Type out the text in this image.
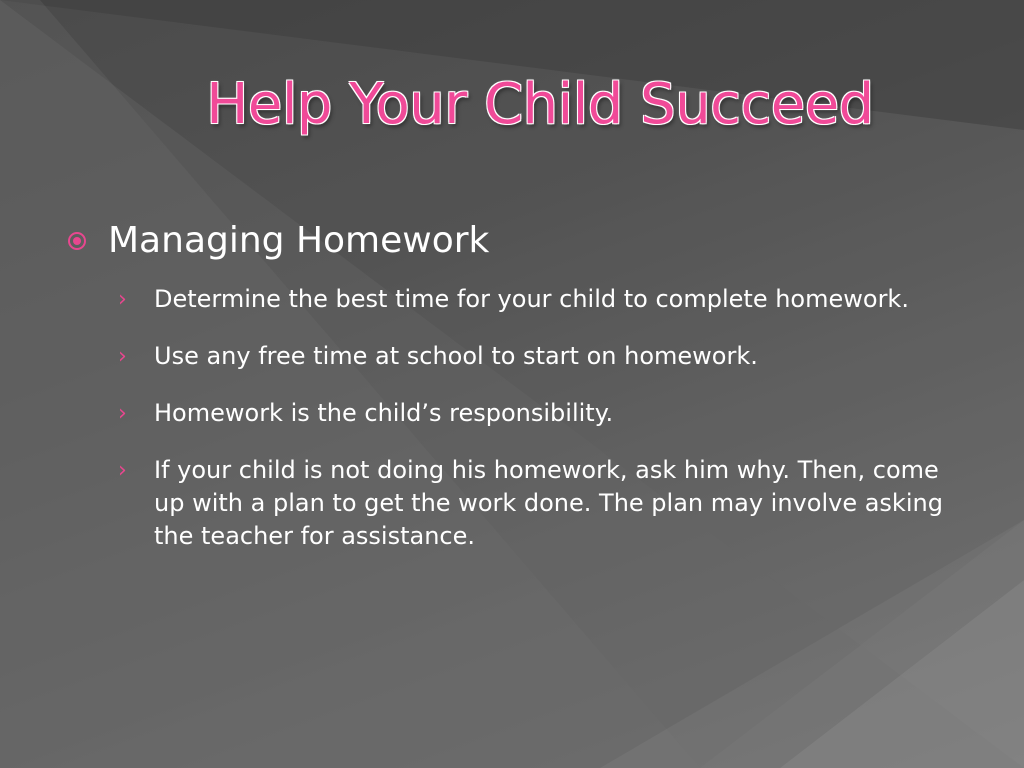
Help Your Child Succeed
Managing Homework
›	Determine the best time for your child to complete homework.
›	Use any free time at school to start on homework.
›	Homework is the child’s responsibility.
›	If your child is not doing his homework, ask him why. Then, come up with a plan to get the work done. The plan may involve asking the teacher for assistance.
